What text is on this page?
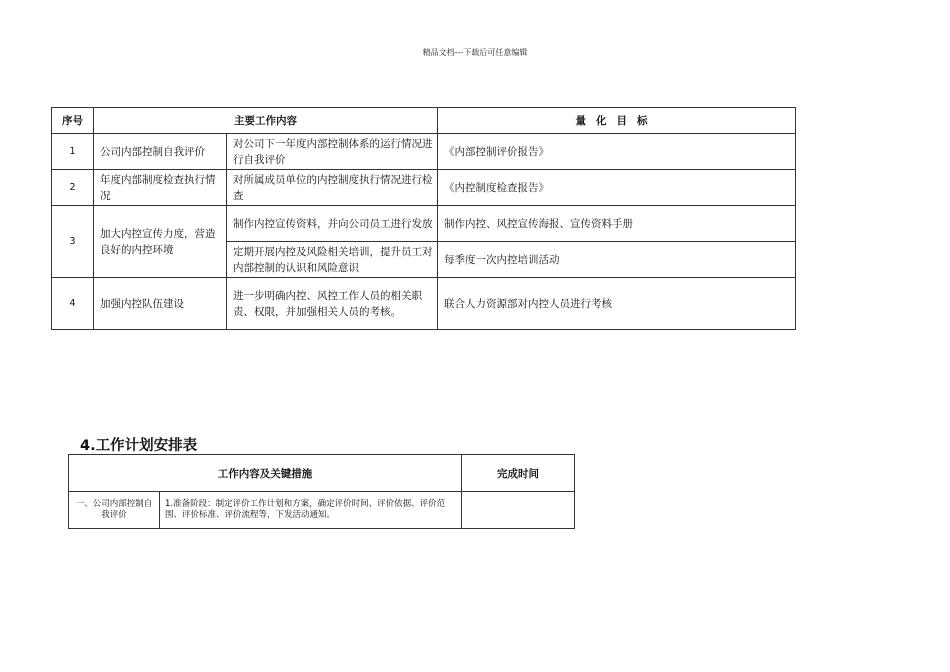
精品文档---下载后可任意编辑
序号	主要工作内容		量化目标
1	公司内部控制自我评价	对公司下一年度内部控制体系的运行情况进行自我评价	《内部控制评价报告》
2	年度内部制度检查执行情况	对所属成员单位的内控制度执行情况进行检查	《内控制度检查报告》
3	加大内控宣传力度，营造良好的内控环境	制作内控宣传资料，并向公司员工进行发放	制作内控、风控宣传海报、宣传资料手册
		定期开展内控及风险相关培训，提升员工对内部控制的认识和风险意识	每季度一次内控培训活动
4	加强内控队伍建设	进一步明确内控、风控工作人员的相关职责、权限，并加强相关人员的考核。	联合人力资源部对内控人员进行考核
4.工作计划安排表
工作内容及关键措施		完成时间
一、公司内部控制自我评价	1.准备阶段：制定评价工作计划和方案，确定评价时间、评价依据、评价范围、评价标准、评价流程等，下发活动通知。	
